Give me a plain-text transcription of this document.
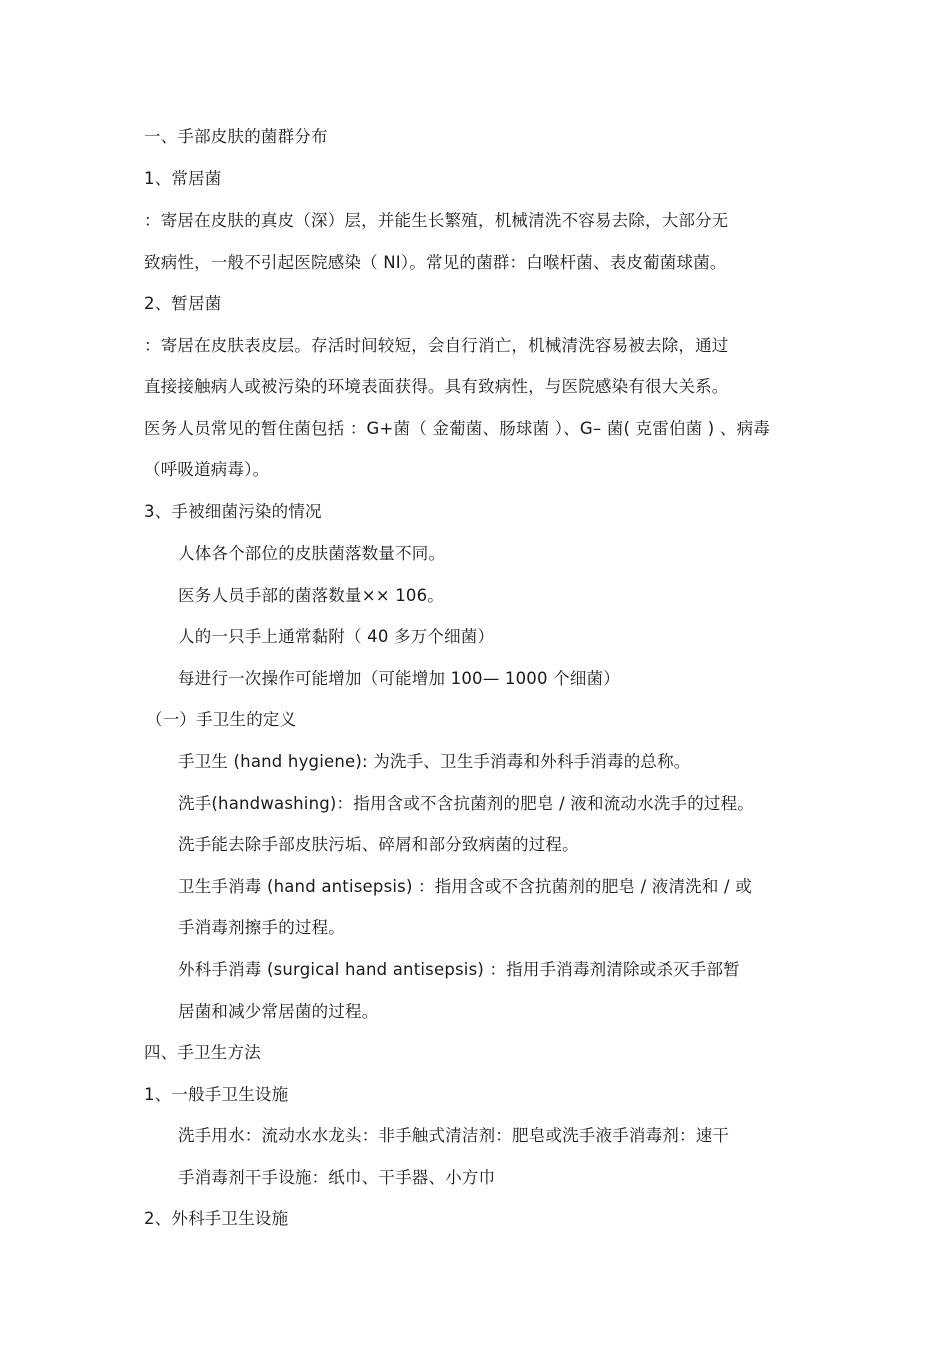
一、手部皮肤的菌群分布
1、常居菌
：寄居在皮肤的真皮（深）层，并能生长繁殖，机械清洗不容易去除，大部分无
致病性，一般不引起医院感染（ NI）。常见的菌群：白喉杆菌、表皮葡菌球菌。
2、暂居菌
：寄居在皮肤表皮层。存活时间较短，会自行消亡，机械清洗容易被去除，通过
直接接触病人或被污染的环境表面获得。具有致病性，与医院感染有很大关系。
医务人员常见的暂住菌包括 ：G+菌（ 金葡菌、肠球菌 ）、G– 菌( 克雷伯菌 ) 、病毒
（呼吸道病毒）。
3、手被细菌污染的情况
人体各个部位的皮肤菌落数量不同。
医务人员手部的菌落数量×× 106。
人的一只手上通常黏附（ 40 多万个细菌）
每进行一次操作可能增加（可能增加 100— 1000 个细菌）
（一）手卫生的定义
手卫生 (hand hygiene): 为洗手、卫生手消毒和外科手消毒的总称。
洗手(handwashing)：指用含或不含抗菌剂的肥皂 / 液和流动水洗手的过程。
洗手能去除手部皮肤污垢、碎屑和部分致病菌的过程。
卫生手消毒 (hand antisepsis) ：指用含或不含抗菌剂的肥皂 / 液清洗和 / 或
手消毒剂擦手的过程。
外科手消毒 (surgical hand antisepsis) ：指用手消毒剂清除或杀灭手部暂
居菌和减少常居菌的过程。
四、手卫生方法
1、一般手卫生设施
洗手用水：流动水水龙头：非手触式清洁剂：肥皂或洗手液手消毒剂：速干
手消毒剂干手设施：纸巾、干手器、小方巾
2、外科手卫生设施
